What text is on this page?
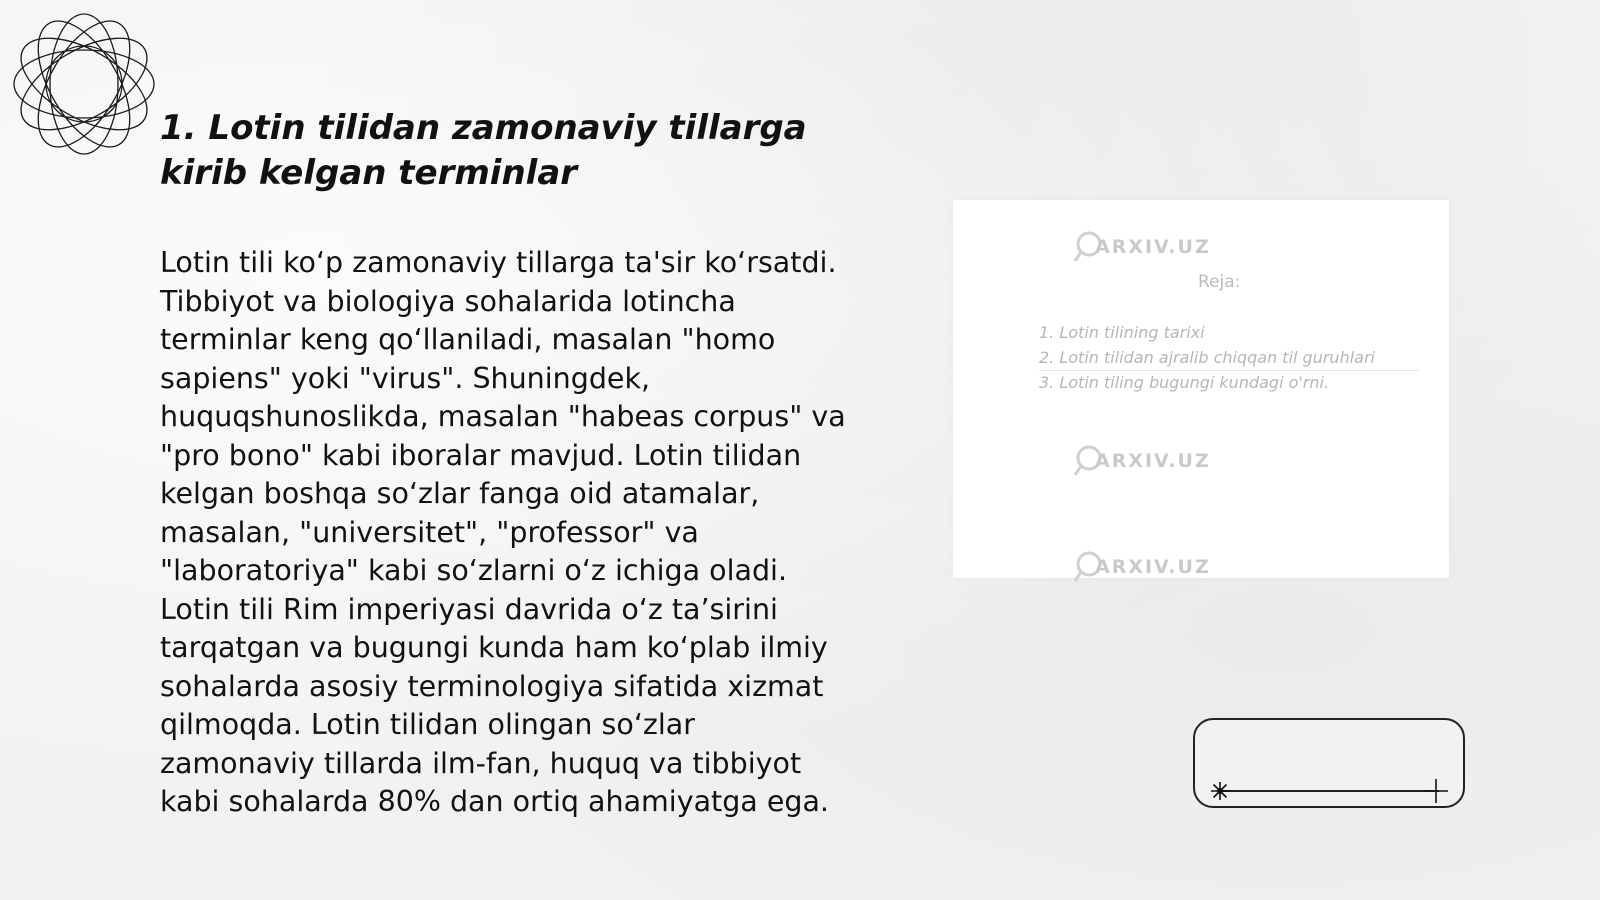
1. Lotin tilidan zamonaviy tillarga kirib kelgan terminlar

Lotin tili ko‘p zamonaviy tillarga ta'sir ko‘rsatdi. Tibbiyot va biologiya sohalarida lotincha terminlar keng qo‘llaniladi, masalan "homo sapiens" yoki "virus". Shuningdek, huquqshunoslikda, masalan "habeas corpus" va "pro bono" kabi iboralar mavjud. Lotin tilidan kelgan boshqa so‘zlar fanga oid atamalar, masalan, "universitet", "professor" va "laboratoriya" kabi so‘zlarni o‘z ichiga oladi. Lotin tili Rim imperiyasi davrida o‘z ta’sirini tarqatgan va bugungi kunda ham ko‘plab ilmiy sohalarda asosiy terminologiya sifatida xizmat qilmoqda. Lotin tilidan olingan so‘zlar zamonaviy tillarda ilm-fan, huquq va tibbiyot kabi sohalarda 80% dan ortiq ahamiyatga ega.

ARXIV.UZ
Reja:
1. Lotin tilining tarixi
2. Lotin tilidan ajralib chiqqan til guruhlari
3. Lotin tiling bugungi kundagi o'rni.
ARXIV.UZ
ARXIV.UZ
